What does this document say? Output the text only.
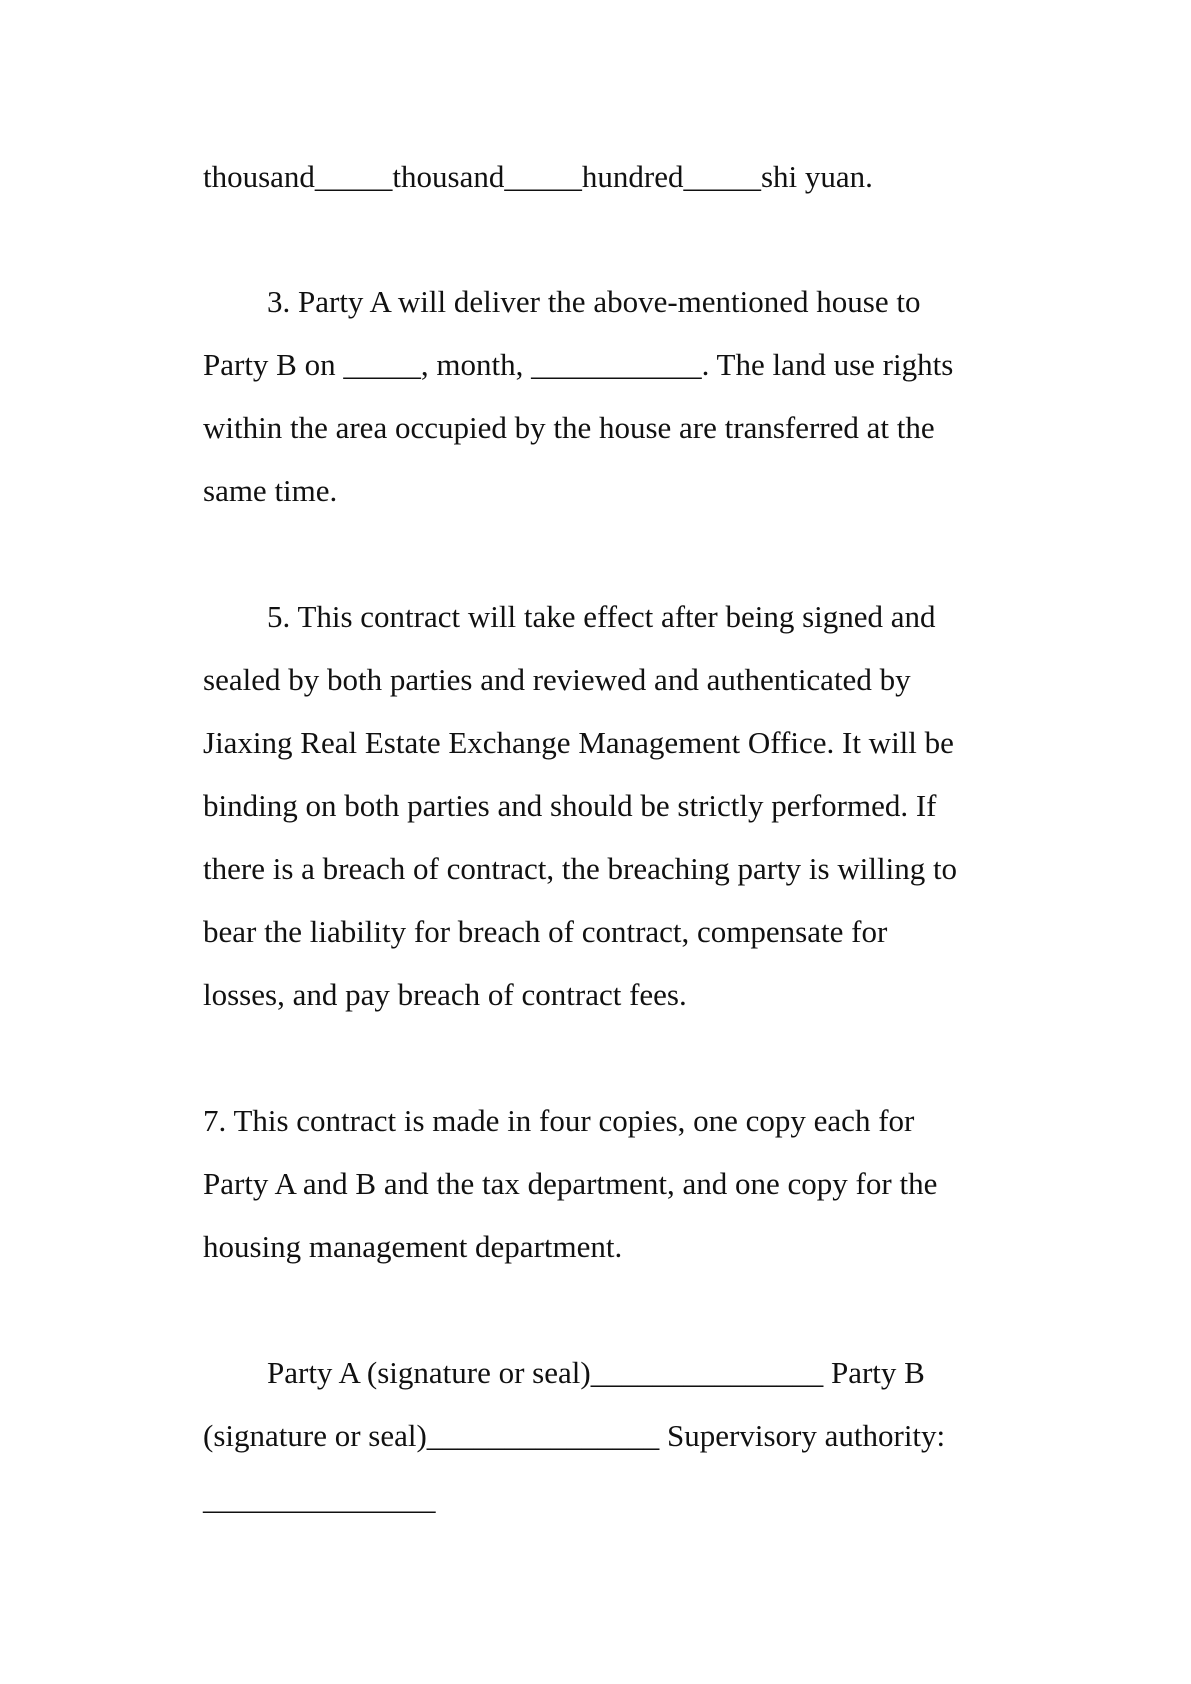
thousand_____thousand_____hundred_____shi yuan.

3. Party A will deliver the above-mentioned house to

Party B on _____, month, ___________. The land use rights

within the area occupied by the house are transferred at the

same time.

5. This contract will take effect after being signed and

sealed by both parties and reviewed and authenticated by

Jiaxing Real Estate Exchange Management Office. It will be

binding on both parties and should be strictly performed. If

there is a breach of contract, the breaching party is willing to

bear the liability for breach of contract, compensate for

losses, and pay breach of contract fees.

7. This contract is made in four copies, one copy each for

Party A and B and the tax department, and one copy for the

housing management department.

Party A (signature or seal)_______________ Party B

(signature or seal)_______________ Supervisory authority:

_______________
